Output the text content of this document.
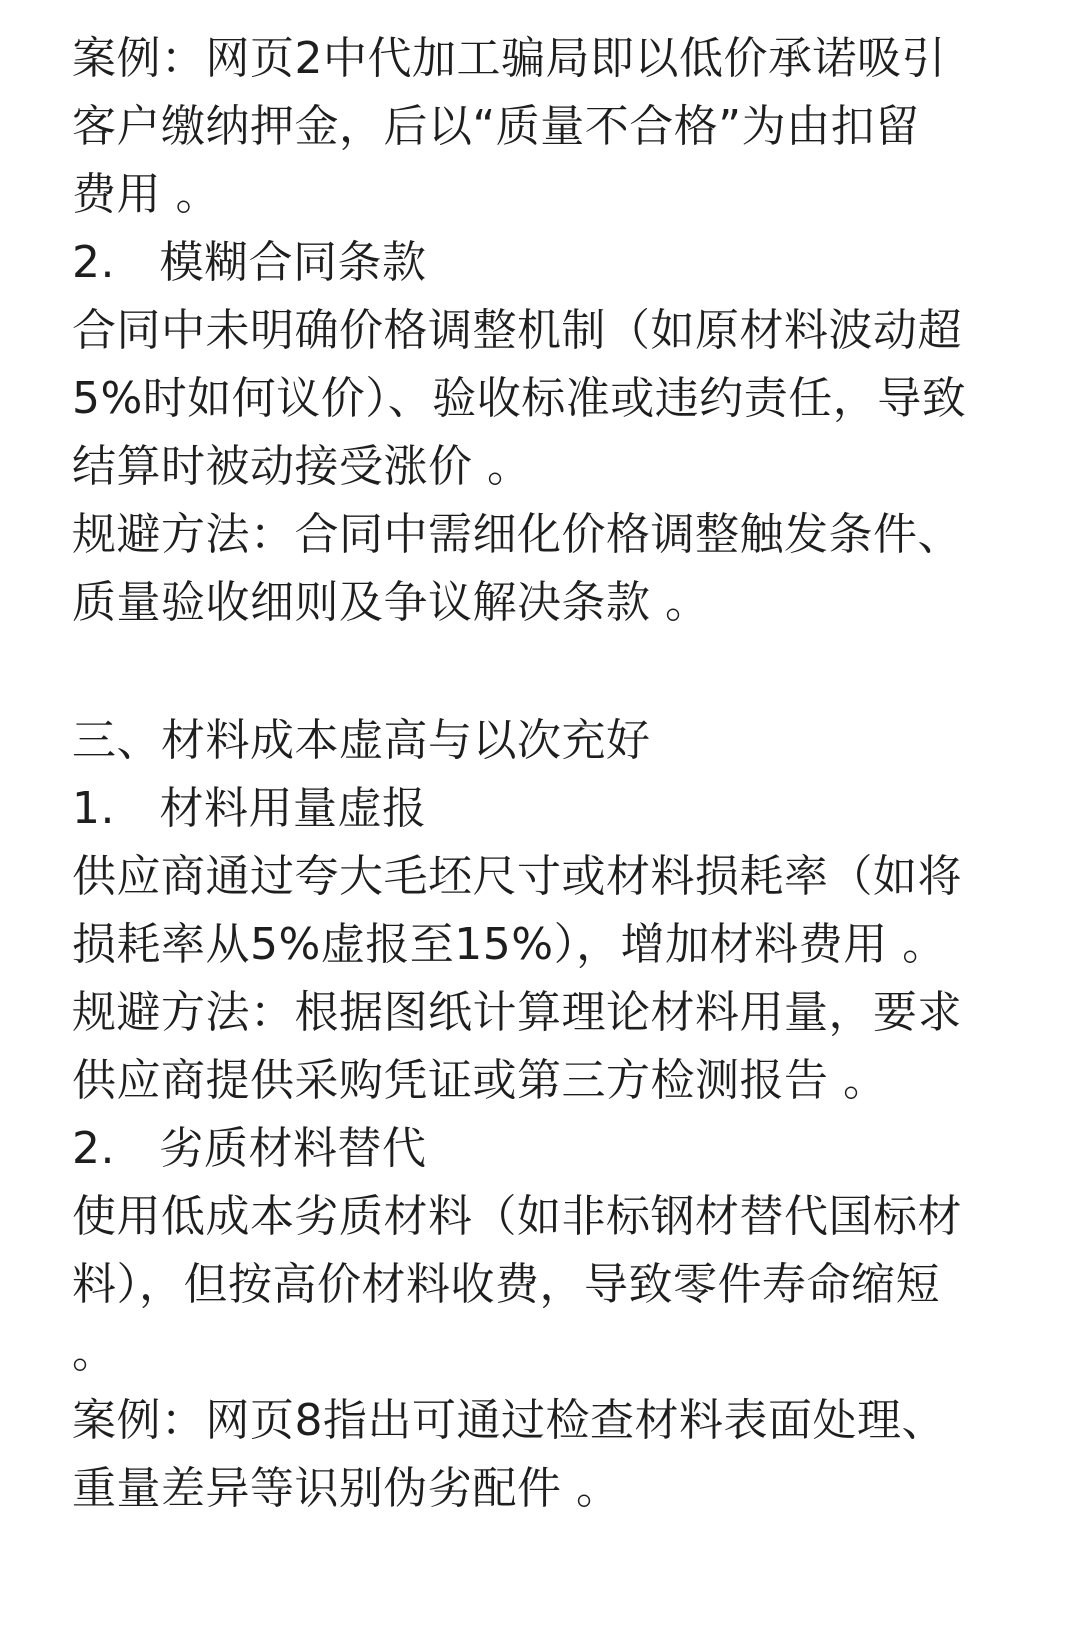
案例：网页2中代加工骗局即以低价承诺吸引
客户缴纳押金，后以“质量不合格”为由扣留
费用 。
2.　模糊合同条款
合同中未明确价格调整机制（如原材料波动超
5%时如何议价）、验收标准或违约责任，导致
结算时被动接受涨价 。
规避方法：合同中需细化价格调整触发条件、
质量验收细则及争议解决条款 。
三、材料成本虚高与以次充好
1.　材料用量虚报
供应商通过夸大毛坯尺寸或材料损耗率（如将
损耗率从5%虚报至15%），增加材料费用 。
规避方法：根据图纸计算理论材料用量，要求
供应商提供采购凭证或第三方检测报告 。
2.　劣质材料替代
使用低成本劣质材料（如非标钢材替代国标材
料），但按高价材料收费，导致零件寿命缩短
。
案例：网页8指出可通过检查材料表面处理、
重量差异等识别伪劣配件 。
